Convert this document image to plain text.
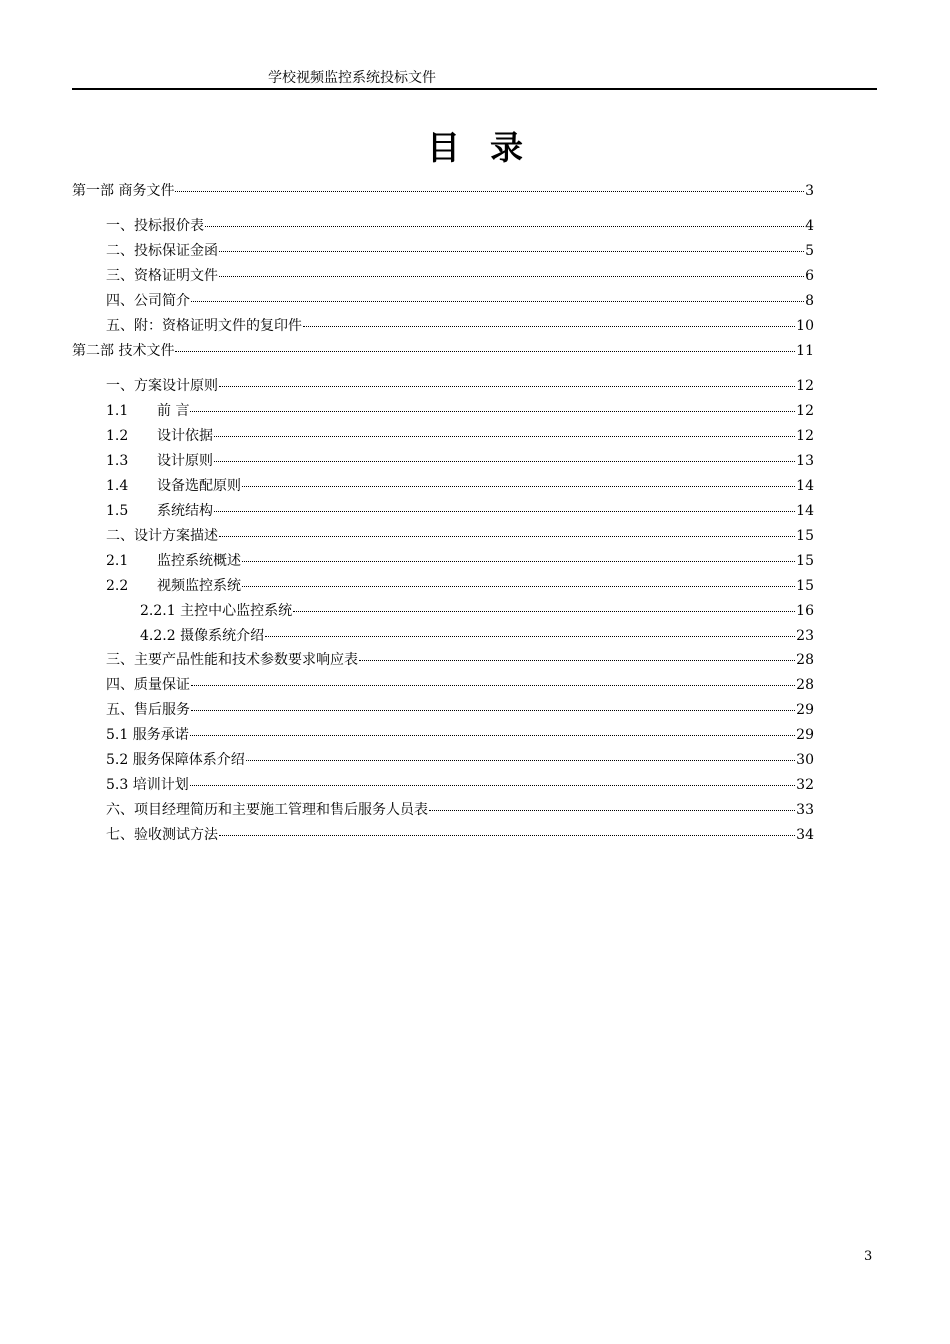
学校视频监控系统投标文件
目录
第一部 商务文件	3
一、投标报价表	4
二、投标保证金函	5
三、资格证明文件	6
四、公司简介	8
五、附：资格证明文件的复印件	10
第二部 技术文件	11
一、方案设计原则	12
1.1	前 言	12
1.2	设计依据	12
1.3	设计原则	13
1.4	设备选配原则	14
1.5	系统结构	14
二、设计方案描述	15
2.1	监控系统概述	15
2.2	视频监控系统	15
2.2.1 主控中心监控系统	16
4.2.2 摄像系统介绍	23
三、主要产品性能和技术参数要求响应表	28
四、质量保证	28
五、售后服务	29
5.1 服务承诺	29
5.2 服务保障体系介绍	30
5.3 培训计划	32
六、项目经理简历和主要施工管理和售后服务人员表	33
七、验收测试方法	34
3
